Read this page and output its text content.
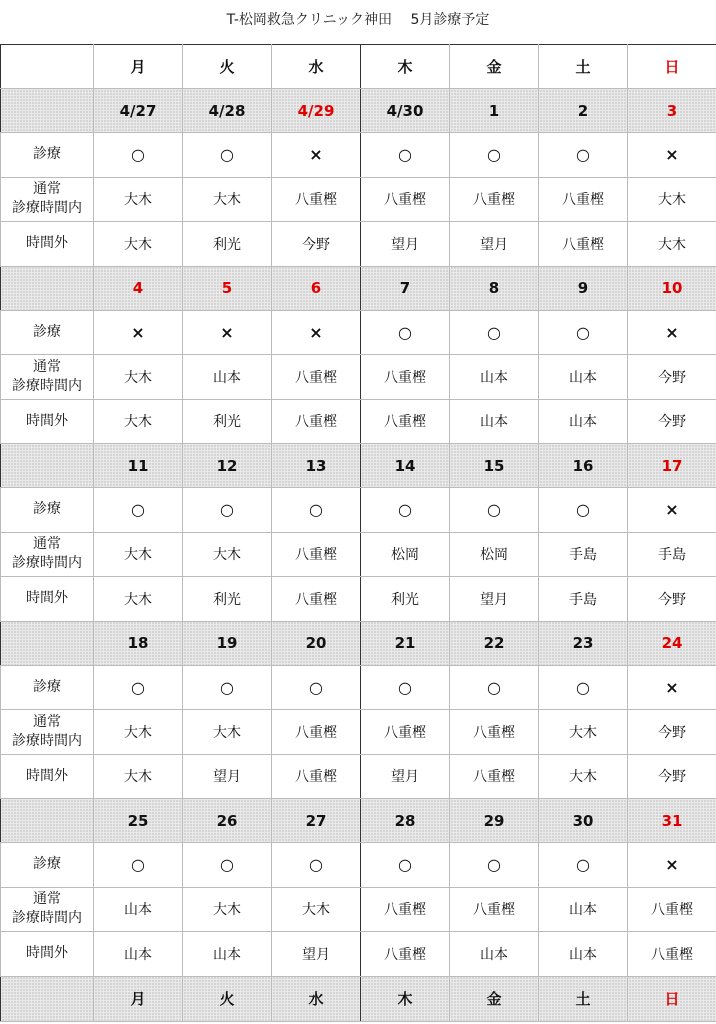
T-松岡救急クリニック神田　 5月診療予定
	月	火	水	木	金	土	日
	4/27	4/28	4/29	4/30	1	2	3
診療	○	○	×	○	○	○	×

通常
診療時間内	大木	大木	八重樫	八重樫	八重樫	八重樫	大木
時間外	大木	利光	今野	望月	望月	八重樫	大木
	4	5	6	7	8	9	10
診療	×	×	×	○	○	○	×

通常
診療時間内	大木	山本	八重樫	八重樫	山本	山本	今野
時間外	大木	利光	八重樫	八重樫	山本	山本	今野
	11	12	13	14	15	16	17
診療	○	○	○	○	○	○	×

通常
診療時間内	大木	大木	八重樫	松岡	松岡	手島	手島
時間外	大木	利光	八重樫	利光	望月	手島	今野
	18	19	20	21	22	23	24
診療	○	○	○	○	○	○	×

通常
診療時間内	大木	大木	八重樫	八重樫	八重樫	大木	今野
時間外	大木	望月	八重樫	望月	八重樫	大木	今野
	25	26	27	28	29	30	31
診療	○	○	○	○	○	○	×

通常
診療時間内	山本	大木	大木	八重樫	八重樫	山本	八重樫
時間外	山本	山本	望月	八重樫	山本	山本	八重樫
	月	火	水	木	金	土	日
